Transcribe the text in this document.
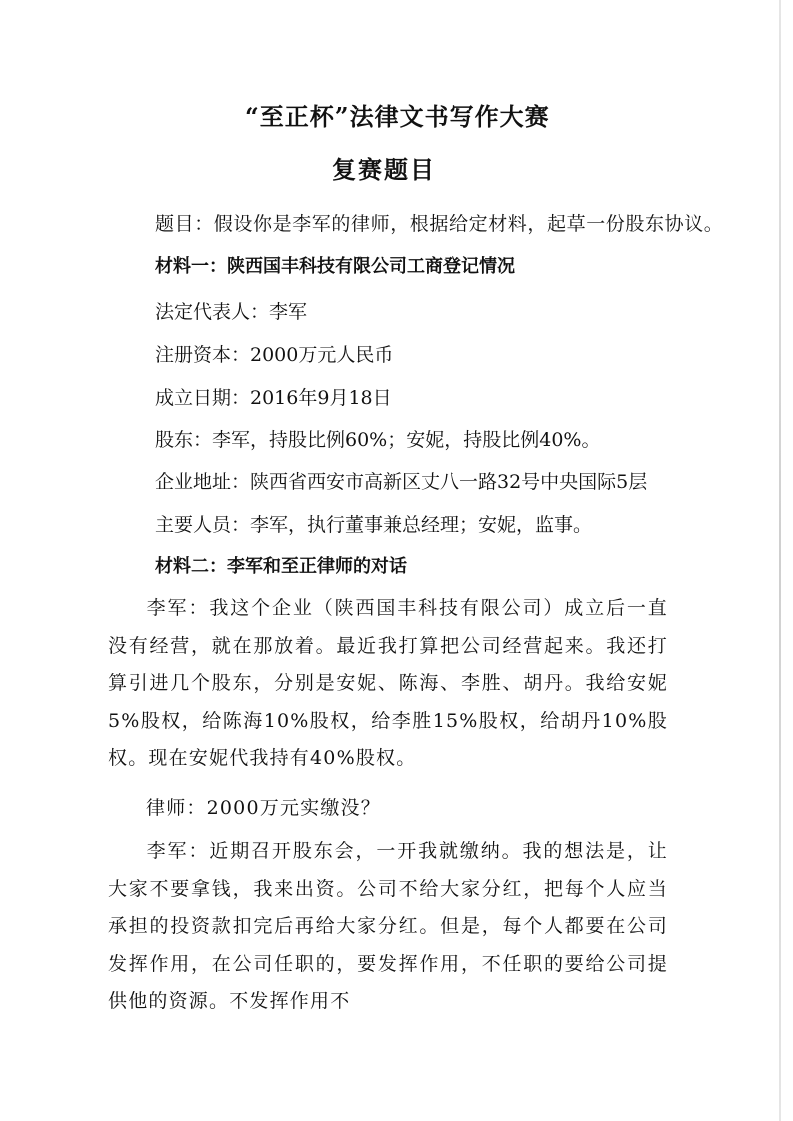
“至正杯”法律文书写作大赛
复赛题目
题目：假设你是李军的律师，根据给定材料，起草一份股东协议。
材料一：陕西国丰科技有限公司工商登记情况
法定代表人：李军
注册资本：2000万元人民币
成立日期：2016年9月18日
股东：李军，持股比例60%；安妮，持股比例40%。
企业地址：陕西省西安市高新区丈八一路32号中央国际5层
主要人员：李军，执行董事兼总经理；安妮，监事。
材料二：李军和至正律师的对话
李军：我这个企业（陕西国丰科技有限公司）成立后一直没有经营，就在那放着。最近我打算把公司经营起来。我还打算引进几个股东，分别是安妮、陈海、李胜、胡丹。我给安妮5%股权，给陈海10%股权，给李胜15%股权，给胡丹10%股权。现在安妮代我持有40%股权。
律师：2000万元实缴没？
李军：近期召开股东会，一开我就缴纳。我的想法是，让大家不要拿钱，我来出资。公司不给大家分红，把每个人应当承担的投资款扣完后再给大家分红。但是，每个人都要在公司发挥作用，在公司任职的，要发挥作用，不任职的要给公司提供他的资源。不发挥作用不
